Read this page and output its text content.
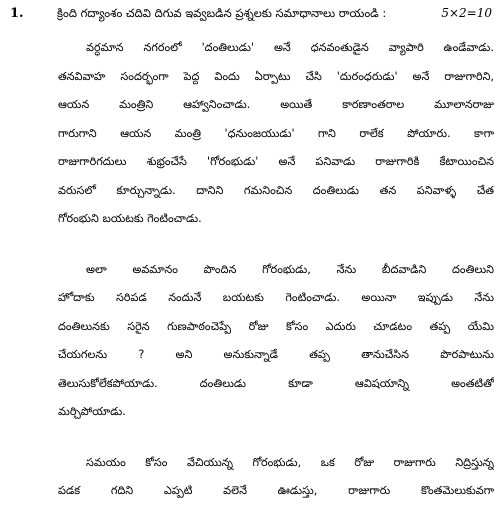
1.	క్రింది గద్యాంశం చదివి దిగువ ఇవ్వబడిన ప్రశ్నలకు సమాధానాలు రాయండి :	5×2=10

వర్ధమాన నగరంలో 'దంతిలుడు' అనే ధనవంతుడైన వ్యాపారి ఉండేవాడు.
తనవివాహ సందర్భంగా పెద్ద విందు ఏర్పాటు చేసి 'దురంధరుడు' అనే రాజుగారిని,
ఆయన మంత్రిని ఆహ్వానించాడు. అయితే కారణాంతరాల మూలానరాజు
గారుగాని ఆయన మంత్రి 'ధనుంజయుడు' గాని రాలేక పోయారు. కాగా
రాజుగారిగదులు శుభ్రంచేసే 'గోరంభుడు' అనే పనివాడు రాజుగారికి కేటాయించిన
వరుసలో కూర్చున్నాడు. దానిని గమనించిన దంతిలుడు తన పనివాళ్ళ చేత
గోరంభుని బయటకు గెంటించాడు.

అలా అవమానం పొందిన గోరంభుడు, నేను బీదవాడిని దంతిలుని
హోదాకు సరిపడ నందునే బయటకు గెంటించాడు. అయినా ఇప్పుడు నేను
దంతిలునకు సరైన గుణపాఠంచెప్పే రోజు కోసం ఎదురు చూడటం తప్ప యేమి
చేయగలను ? అని అనుకున్నాడే తప్ప తానుచేసిన పొరపాటును
తెలుసుకోలేకపోయాడు. దంతిలుడు కూడా ఆవిషయాన్ని అంతటితో
మర్చిపోయాడు.

సమయం కోసం వేచియున్న గోరంభుడు, ఒక రోజు రాజుగారు నిద్రిస్తున్న
పడక గదిని ఎప్పటి వలెనే ఊడుస్తు, రాజుగారు కొంతమెలుకువగా
